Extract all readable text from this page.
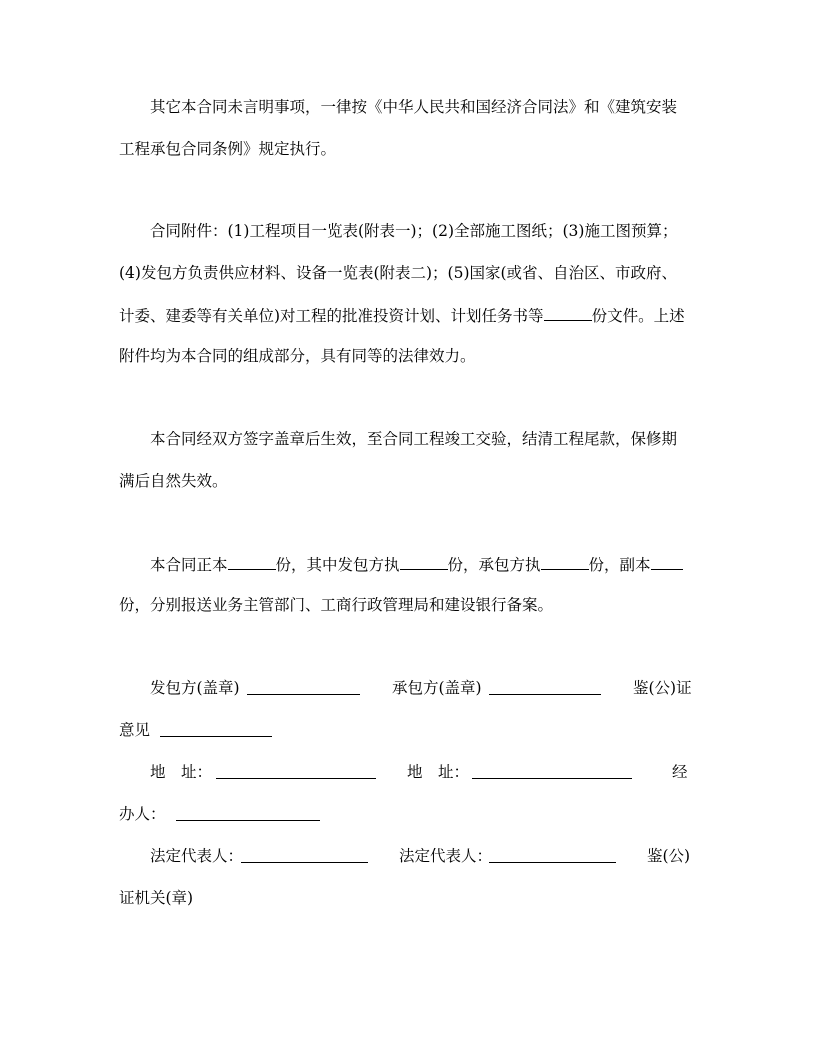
其它本合同未言明事项，一律按《中华人民共和国经济合同法》和《建筑安装
工程承包合同条例》规定执行。
合同附件：(1)工程项目一览表(附表一)；(2)全部施工图纸；(3)施工图预算；
(4)发包方负责供应材料、设备一览表(附表二)；(5)国家(或省、自治区、市政府、
计委、建委等有关单位)对工程的批准投资计划、计划任务书等	份文件。上述
附件均为本合同的组成部分，具有同等的法律效力。
本合同经双方签字盖章后生效，至合同工程竣工交验，结清工程尾款，保修期
满后自然失效。
本合同正本	份，其中发包方执	份，承包方执	份，副本
份，分别报送业务主管部门、工商行政管理局和建设银行备案。
发包方(盖章)	承包方(盖章)	鉴(公)证
意见
地　址：	地　址：	经
办人：
法定代表人：	法定代表人：	鉴(公)
证机关(章)
